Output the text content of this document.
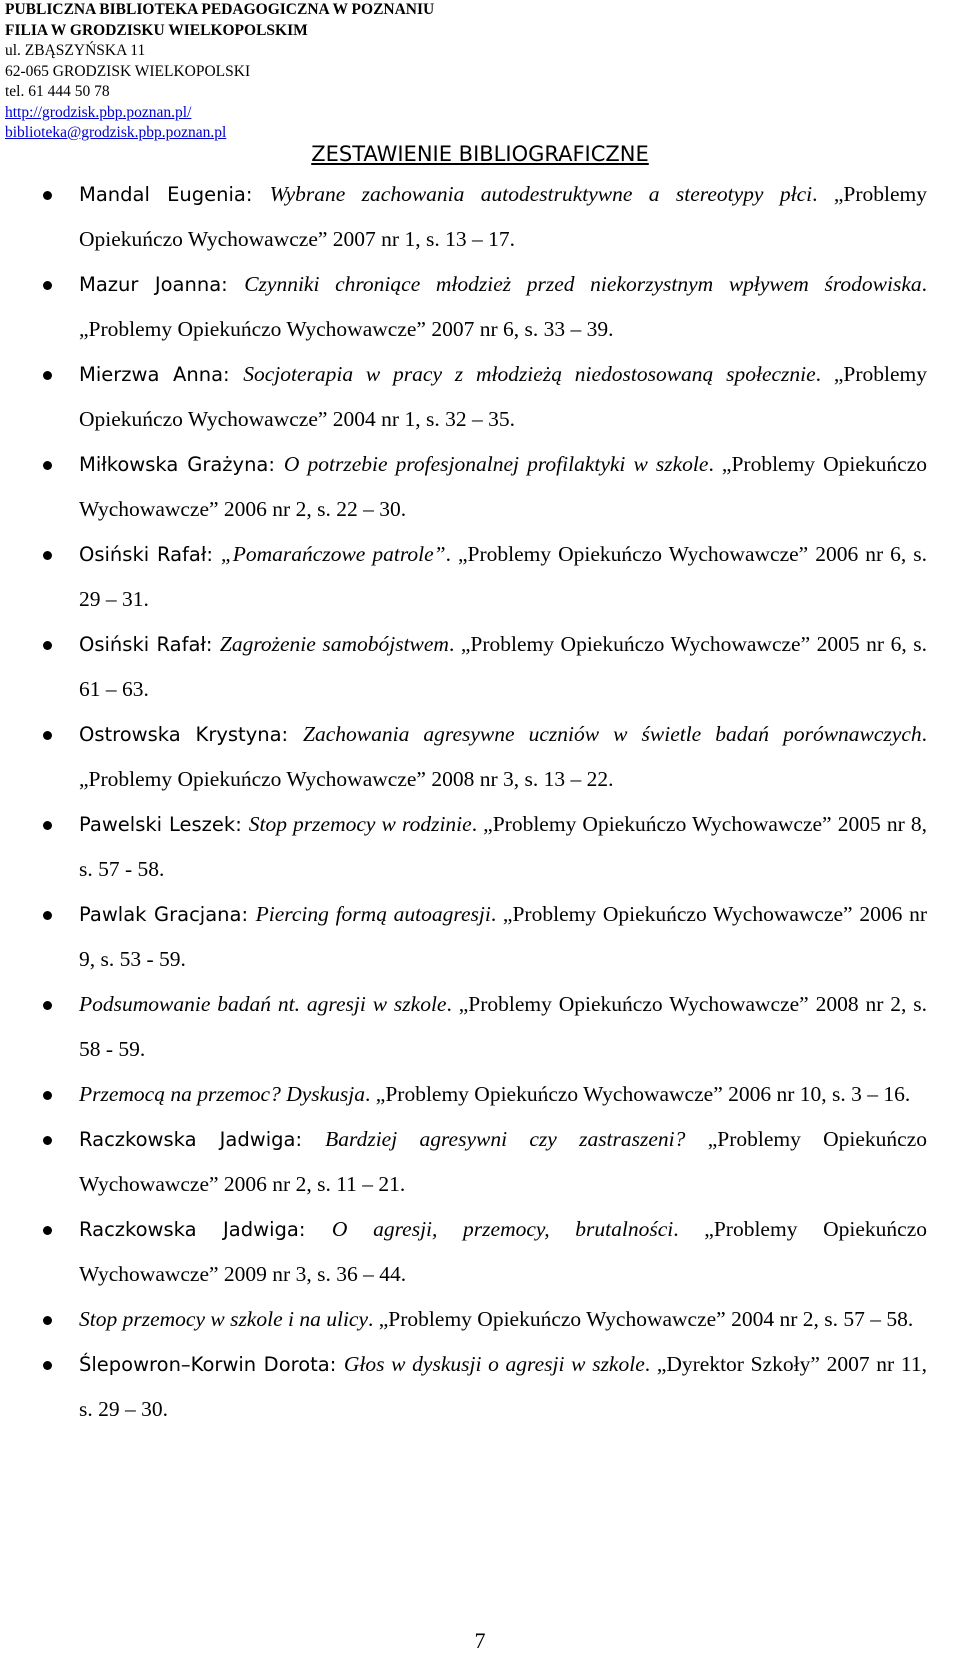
PUBLICZNA BIBLIOTEKA PEDAGOGICZNA W POZNANIU
FILIA W GRODZISKU WIELKOPOLSKIM
ul. ZBĄSZYŃSKA 11
62-065 GRODZISK WIELKOPOLSKI
tel. 61 444 50 78
http://grodzisk.pbp.poznan.pl/
biblioteka@grodzisk.pbp.poznan.pl
ZESTAWIENIE BIBLIOGRAFICZNE
Mandal Eugenia: Wybrane zachowania autodestruktywne a stereotypy płci. „Problemy Opiekuńczo Wychowawcze” 2007 nr 1, s. 13 – 17.
Mazur Joanna: Czynniki chroniące młodzież przed niekorzystnym wpływem środowiska. „Problemy Opiekuńczo Wychowawcze” 2007 nr 6, s. 33 – 39.
Mierzwa Anna: Socjoterapia w pracy z młodzieżą niedostosowaną społecznie. „Problemy Opiekuńczo Wychowawcze” 2004 nr 1, s. 32 – 35.
Miłkowska Grażyna: O potrzebie profesjonalnej profilaktyki w szkole. „Problemy Opiekuńczo Wychowawcze” 2006 nr 2, s. 22 – 30.
Osiński Rafał: „Pomarańczowe patrole”. „Problemy Opiekuńczo Wychowawcze” 2006 nr 6, s. 29 – 31.
Osiński Rafał: Zagrożenie samobójstwem. „Problemy Opiekuńczo Wychowawcze” 2005 nr 6, s. 61 – 63.
Ostrowska Krystyna: Zachowania agresywne uczniów w świetle badań porównawczych. „Problemy Opiekuńczo Wychowawcze” 2008 nr 3, s. 13 – 22.
Pawelski Leszek: Stop przemocy w rodzinie. „Problemy Opiekuńczo Wychowawcze” 2005 nr 8, s. 57 - 58.
Pawlak Gracjana: Piercing formą autoagresji. „Problemy Opiekuńczo Wychowawcze” 2006 nr 9, s. 53 - 59.
Podsumowanie badań nt. agresji w szkole. „Problemy Opiekuńczo Wychowawcze” 2008 nr 2, s. 58 - 59.
Przemocą na przemoc? Dyskusja. „Problemy Opiekuńczo Wychowawcze” 2006 nr 10, s. 3 – 16.
Raczkowska Jadwiga: Bardziej agresywni czy zastraszeni? „Problemy Opiekuńczo Wychowawcze” 2006 nr 2, s. 11 – 21.
Raczkowska Jadwiga: O agresji, przemocy, brutalności. „Problemy Opiekuńczo Wychowawcze” 2009 nr 3, s. 36 – 44.
Stop przemocy w szkole i na ulicy. „Problemy Opiekuńczo Wychowawcze” 2004 nr 2, s. 57 – 58.
Ślepowron–Korwin Dorota: Głos w dyskusji o agresji w szkole. „Dyrektor Szkoły” 2007 nr 11, s. 29 – 30.
7
